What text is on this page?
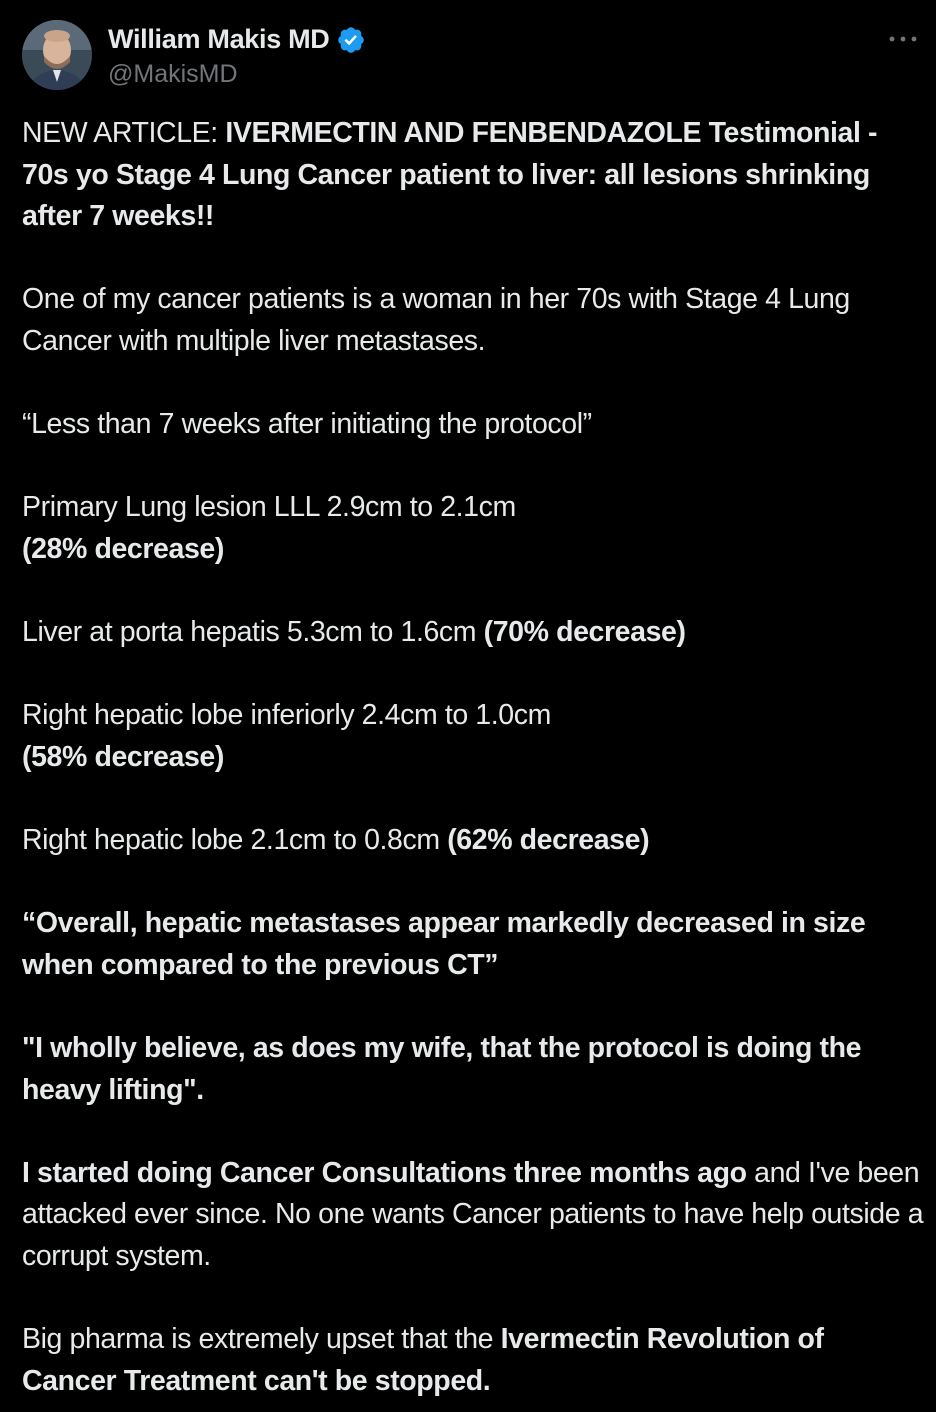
William Makis MD
@MakisMD

NEW ARTICLE: IVERMECTIN AND FENBENDAZOLE Testimonial - 70s yo Stage 4 Lung Cancer patient to liver: all lesions shrinking after 7 weeks!!

One of my cancer patients is a woman in her 70s with Stage 4 Lung Cancer with multiple liver metastases.

“Less than 7 weeks after initiating the protocol”

Primary Lung lesion LLL 2.9cm to 2.1cm
(28% decrease)

Liver at porta hepatis 5.3cm to 1.6cm (70% decrease)

Right hepatic lobe inferiorly 2.4cm to 1.0cm
(58% decrease)

Right hepatic lobe 2.1cm to 0.8cm (62% decrease)

“Overall, hepatic metastases appear markedly decreased in size when compared to the previous CT”

"I wholly believe, as does my wife, that the protocol is doing the heavy lifting".

I started doing Cancer Consultations three months ago and I've been attacked ever since. No one wants Cancer patients to have help outside a corrupt system.

Big pharma is extremely upset that the Ivermectin Revolution of Cancer Treatment can't be stopped.
